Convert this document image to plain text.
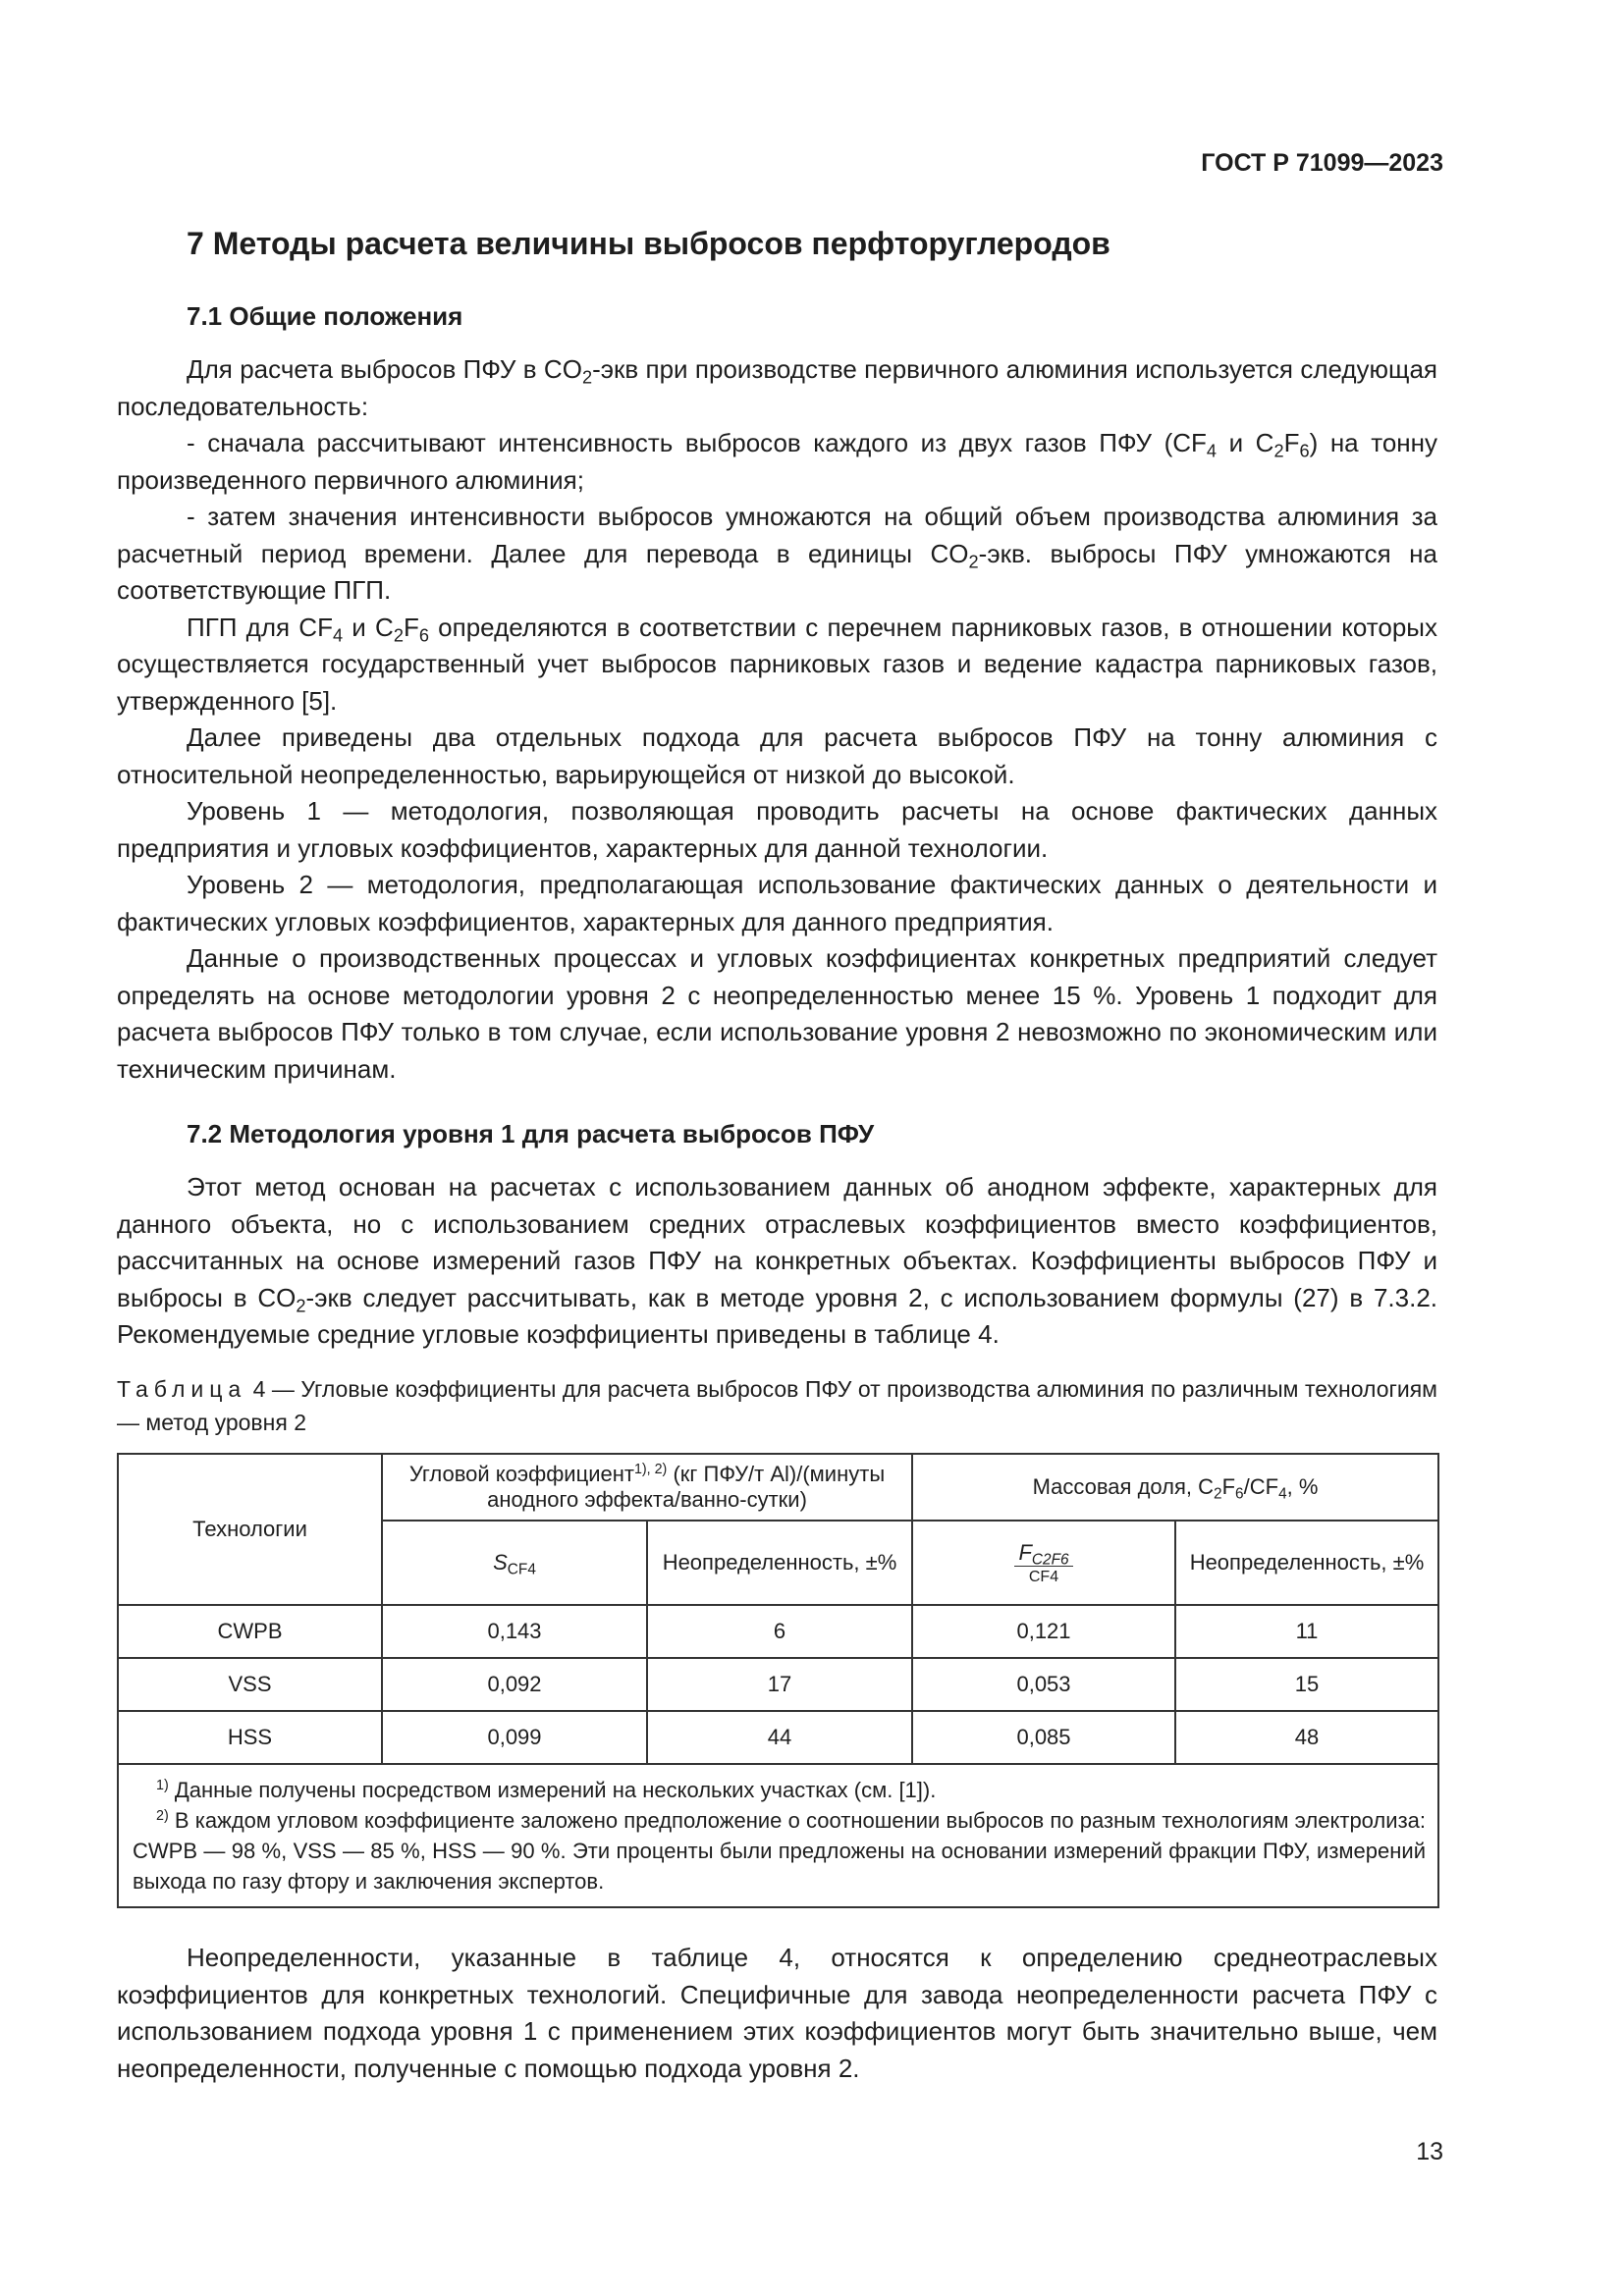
ГОСТ Р 71099—2023
7 Методы расчета величины выбросов перфторуглеродов
7.1 Общие положения

Для расчета выбросов ПФУ в $CO_2$-экв при производстве первичного алюминия используется следующая последовательность:

- сначала рассчитывают интенсивность выбросов каждого из двух газов ПФУ ($CF_4$ и $C_2F_6$) на тонну произведенного первичного алюминия;

- затем значения интенсивности выбросов умножаются на общий объем производства алюминия за расчетный период времени. Далее для перевода в единицы $CO_2$-экв. выбросы ПФУ умножаются на соответствующие ПГП.

ПГП для $CF_4$ и $C_2F_6$ определяются в соответствии с перечнем парниковых газов, в отношении которых осуществляется государственный учет выбросов парниковых газов и ведение кадастра парниковых газов, утвержденного [5].

Далее приведены два отдельных подхода для расчета выбросов ПФУ на тонну алюминия с относительной неопределенностью, варьирующейся от низкой до высокой.

Уровень 1 — методология, позволяющая проводить расчеты на основе фактических данных предприятия и угловых коэффициентов, характерных для данной технологии.

Уровень 2 — методология, предполагающая использование фактических данных о деятельности и фактических угловых коэффициентов, характерных для данного предприятия.

Данные о производственных процессах и угловых коэффициентах конкретных предприятий следует определять на основе методологии уровня 2 с неопределенностью менее 15 %. Уровень 1 подходит для расчета выбросов ПФУ только в том случае, если использование уровня 2 невозможно по экономическим или техническим причинам.

7.2 Методология уровня 1 для расчета выбросов ПФУ

Этот метод основан на расчетах с использованием данных об анодном эффекте, характерных для данного объекта, но с использованием средних отраслевых коэффициентов вместо коэффициентов, рассчитанных на основе измерений газов ПФУ на конкретных объектах. Коэффициенты выбросов ПФУ и выбросы в $CO_2$-экв следует рассчитывать, как в методе уровня 2, с использованием формулы (27) в 7.3.2. Рекомендуемые средние угловые коэффициенты приведены в таблице 4.

Таблица 4 — Угловые коэффициенты для расчета выбросов ПФУ от производства алюминия по различным технологиям — метод уровня 2
Технологии	Угловой коэффициент$^{1), 2)}$ (кг ПФУ/т Al)/(минуты анодного эффекта/ванно-сутки)		Массовая доля, $C_2F_6/CF_4$, %	
	$S_{CF4}$	Неопределенность, ±%	$\frac{F_{C2F6}}{CF4}$	Неопределенность, ±%
CWPB	0,143	6	0,121	11
VSS	0,092	17	0,053	15
HSS	0,099	44	0,085	48

$^{1)}$ Данные получены посредством измерений на нескольких участках (см. [1]).

$^{2)}$ В каждом угловом коэффициенте заложено предположение о соотношении выбросов по разным технологиям электролиза: CWPB — 98 %, VSS — 85 %, HSS — 90 %. Эти проценты были предложены на основании измерений фракции ПФУ, измерений выхода по газу фтору и заключения экспертов.				

Неопределенности, указанные в таблице 4, относятся к определению среднеотраслевых коэффициентов для конкретных технологий. Специфичные для завода неопределенности расчета ПФУ с использованием подхода уровня 1 с применением этих коэффициентов могут быть значительно выше, чем неопределенности, полученные с помощью подхода уровня 2.

13
